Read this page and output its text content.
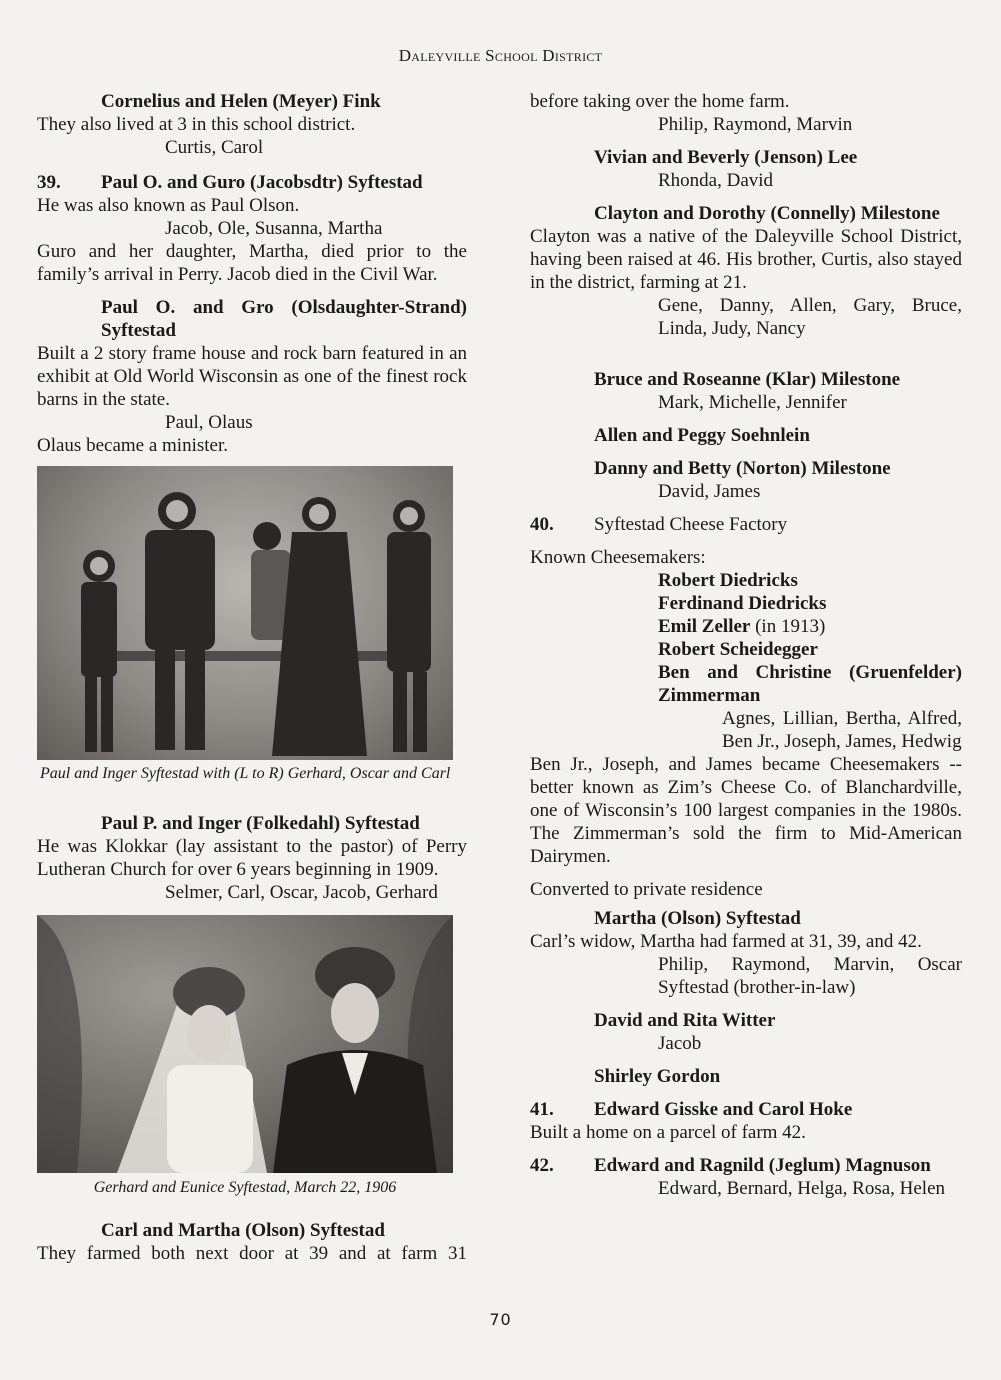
Daleyville School District

Cornelius and Helen (Meyer) Fink

They also lived at 3 in this school district.

Curtis, Carol

39. Paul O. and Guro (Jacobsdtr) Syftestad

He was also known as Paul Olson.

Jacob, Ole, Susanna, Martha

Guro and her daughter, Martha, died prior to the family’s arrival in Perry. Jacob died in the Civil War.

Paul O. and Gro (Olsdaughter-Strand)

Syftestad

Built a 2 story frame house and rock barn featured in an exhibit at Old World Wisconsin as one of the finest rock barns in the state.

Paul, Olaus

Olaus became a minister.

Paul and Inger Syftestad with (L to R) Gerhard, Oscar and Carl

Paul P. and Inger (Folkedahl) Syftestad

He was Klokkar (lay assistant to the pastor) of Perry Lutheran Church for over 6 years beginning in 1909.

Selmer, Carl, Oscar, Jacob, Gerhard

Gerhard and Eunice Syftestad, March 22, 1906

Carl and Martha (Olson) Syftestad

They farmed both next door at 39 and at farm 31

before taking over the home farm.

Philip, Raymond, Marvin

Vivian and Beverly (Jenson) Lee

Rhonda, David

Clayton and Dorothy (Connelly) Milestone

Clayton was a native of the Daleyville School District, having been raised at 46. His brother, Curtis, also stayed in the district, farming at 21.

Gene, Danny, Allen, Gary, Bruce, Linda, Judy, Nancy

Bruce and Roseanne (Klar) Milestone

Mark, Michelle, Jennifer

Allen and Peggy Soehnlein

Danny and Betty (Norton) Milestone

David, James

40. Syftestad Cheese Factory

Known Cheesemakers:

Robert Diedricks

Ferdinand Diedricks

Emil Zeller (in 1913)

Robert Scheidegger

Ben and Christine (Gruenfelder) Zimmerman

Agnes, Lillian, Bertha, Alfred, Ben Jr., Joseph, James, Hedwig

Ben Jr., Joseph, and James became Cheesemakers -- better known as Zim’s Cheese Co. of Blanchardville, one of Wisconsin’s 100 largest companies in the 1980s. The Zimmerman’s sold the firm to Mid-American Dairymen.

Converted to private residence

Martha (Olson) Syftestad

Carl’s widow, Martha had farmed at 31, 39, and 42.

Philip, Raymond, Marvin, Oscar Syftestad (brother-in-law)

David and Rita Witter

Jacob

Shirley Gordon

41. Edward Gisske and Carol Hoke

Built a home on a parcel of farm 42.

42. Edward and Ragnild (Jeglum) Magnuson

Edward, Bernard, Helga, Rosa, Helen

70
